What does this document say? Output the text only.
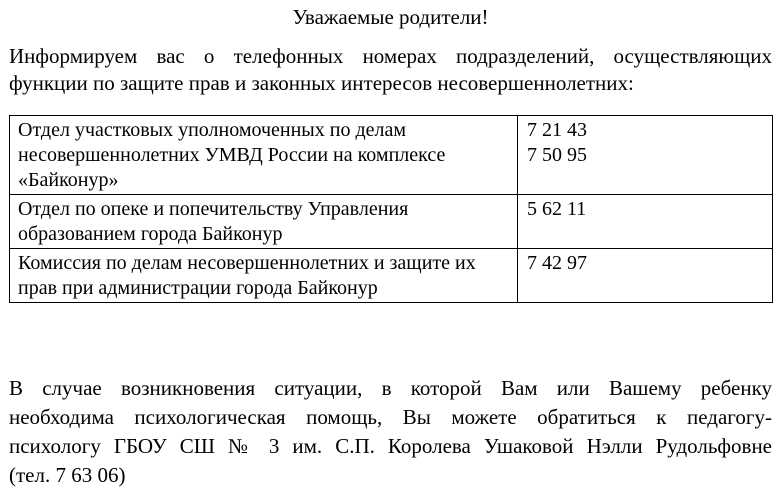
Уважаемые родители!
Информируем вас о телефонных номерах подразделений, осуществляющих
функции по защите прав и законных интересов несовершеннолетних:
Отдел участковых уполномоченных по делам несовершеннолетних УМВД России на комплексе «Байконур»	7 21 43
7 50 95

Отдел по опеке и попечительству Управления образованием города Байконур	5 62 11

Комиссия по делам несовершеннолетних и защите их прав при администрации города Байконур	7 42 97
В случае возникновения ситуации, в которой Вам или Вашему ребенку
необходима психологическая помощь, Вы можете обратиться к педагогу-
психологу ГБОУ СШ № 3 им. С.П. Королева Ушаковой Нэлли Рудольфовне
(тел. 7 63 06)
